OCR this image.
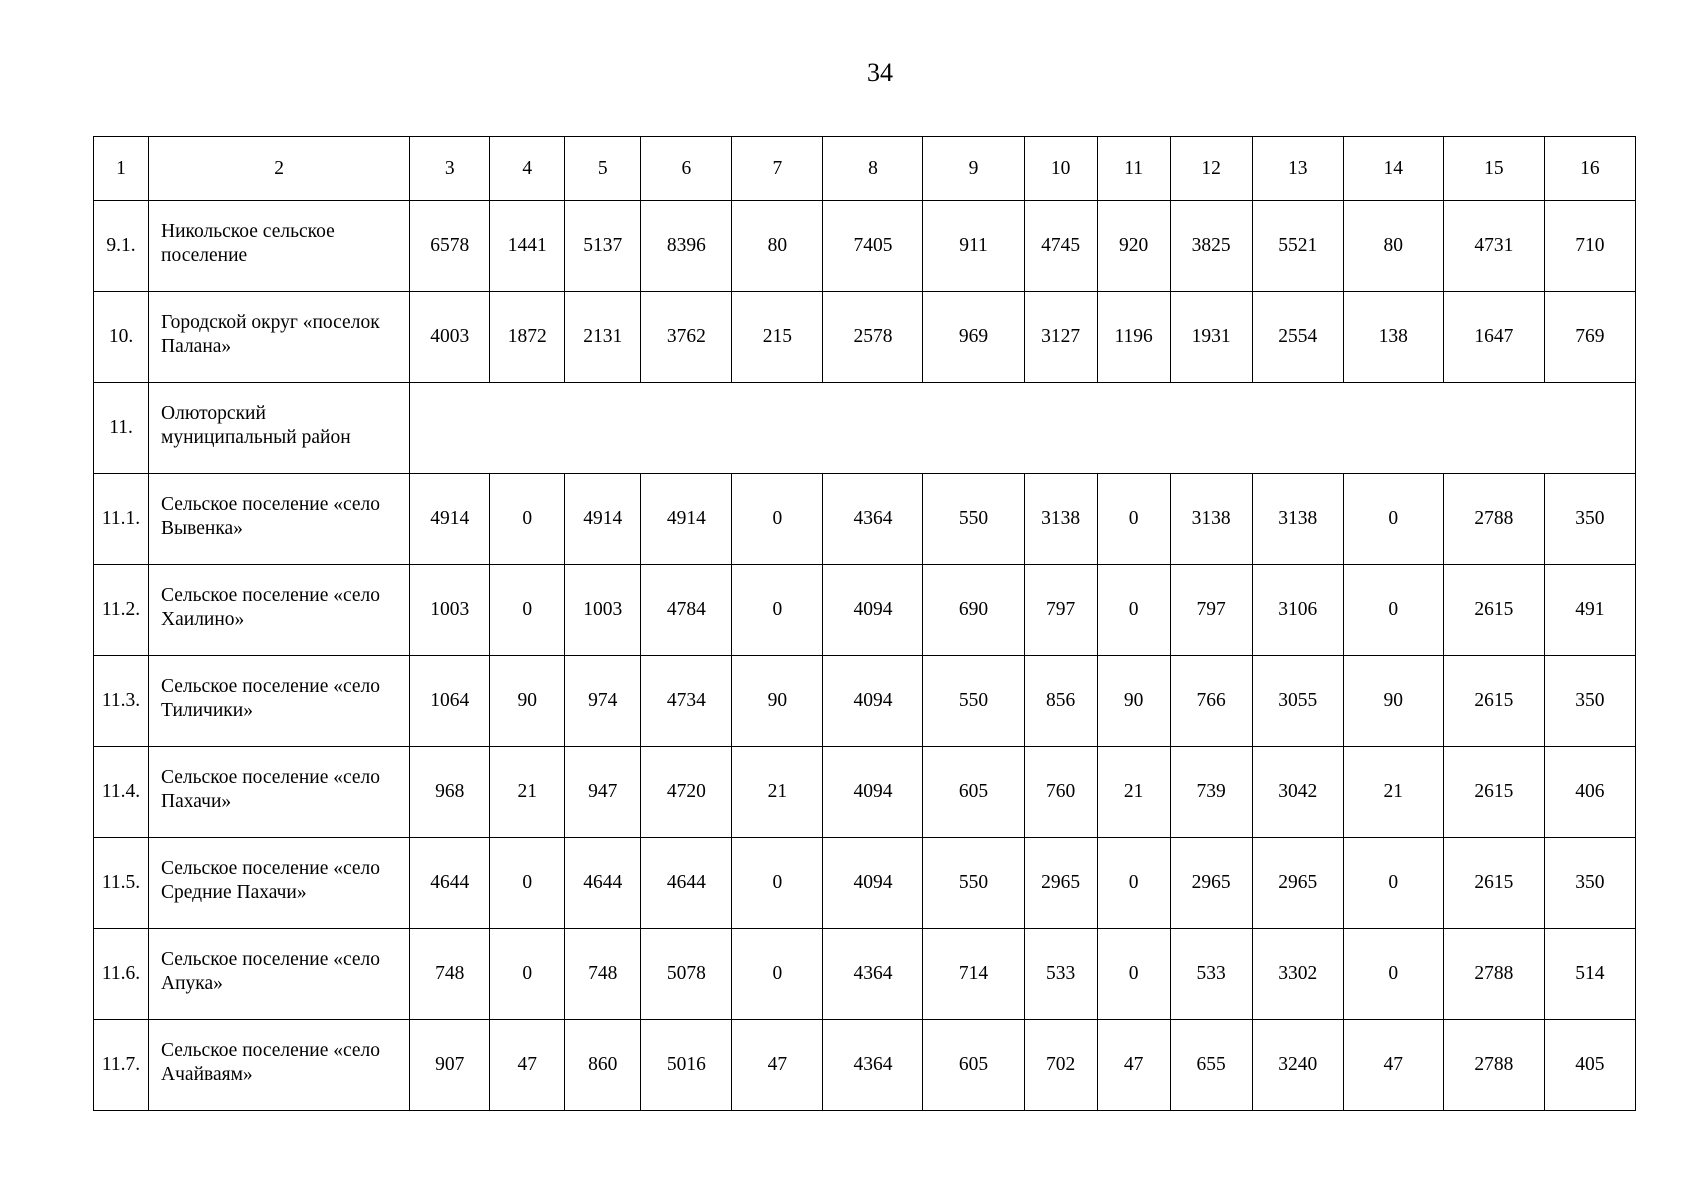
34
1	2	3	4	5	6	7	8	9	10	11	12	13	14	15	16
9.1.	Никольское сельское поселение	6578	1441	5137	8396	80	7405	911	4745	920	3825	5521	80	4731	710
10.	Городской округ «поселок Палана»	4003	1872	2131	3762	215	2578	969	3127	1196	1931	2554	138	1647	769
11.	Олюторский муниципальный район														
11.1.	Сельское поселение «село Вывенка»	4914	0	4914	4914	0	4364	550	3138	0	3138	3138	0	2788	350
11.2.	Сельское поселение «село Хаилино»	1003	0	1003	4784	0	4094	690	797	0	797	3106	0	2615	491
11.3.	Сельское поселение «село Тиличики»	1064	90	974	4734	90	4094	550	856	90	766	3055	90	2615	350
11.4.	Сельское поселение «село Пахачи»	968	21	947	4720	21	4094	605	760	21	739	3042	21	2615	406
11.5.	Сельское поселение «село Средние Пахачи»	4644	0	4644	4644	0	4094	550	2965	0	2965	2965	0	2615	350
11.6.	Сельское поселение «село Апука»	748	0	748	5078	0	4364	714	533	0	533	3302	0	2788	514
11.7.	Сельское поселение «село Ачайваям»	907	47	860	5016	47	4364	605	702	47	655	3240	47	2788	405
